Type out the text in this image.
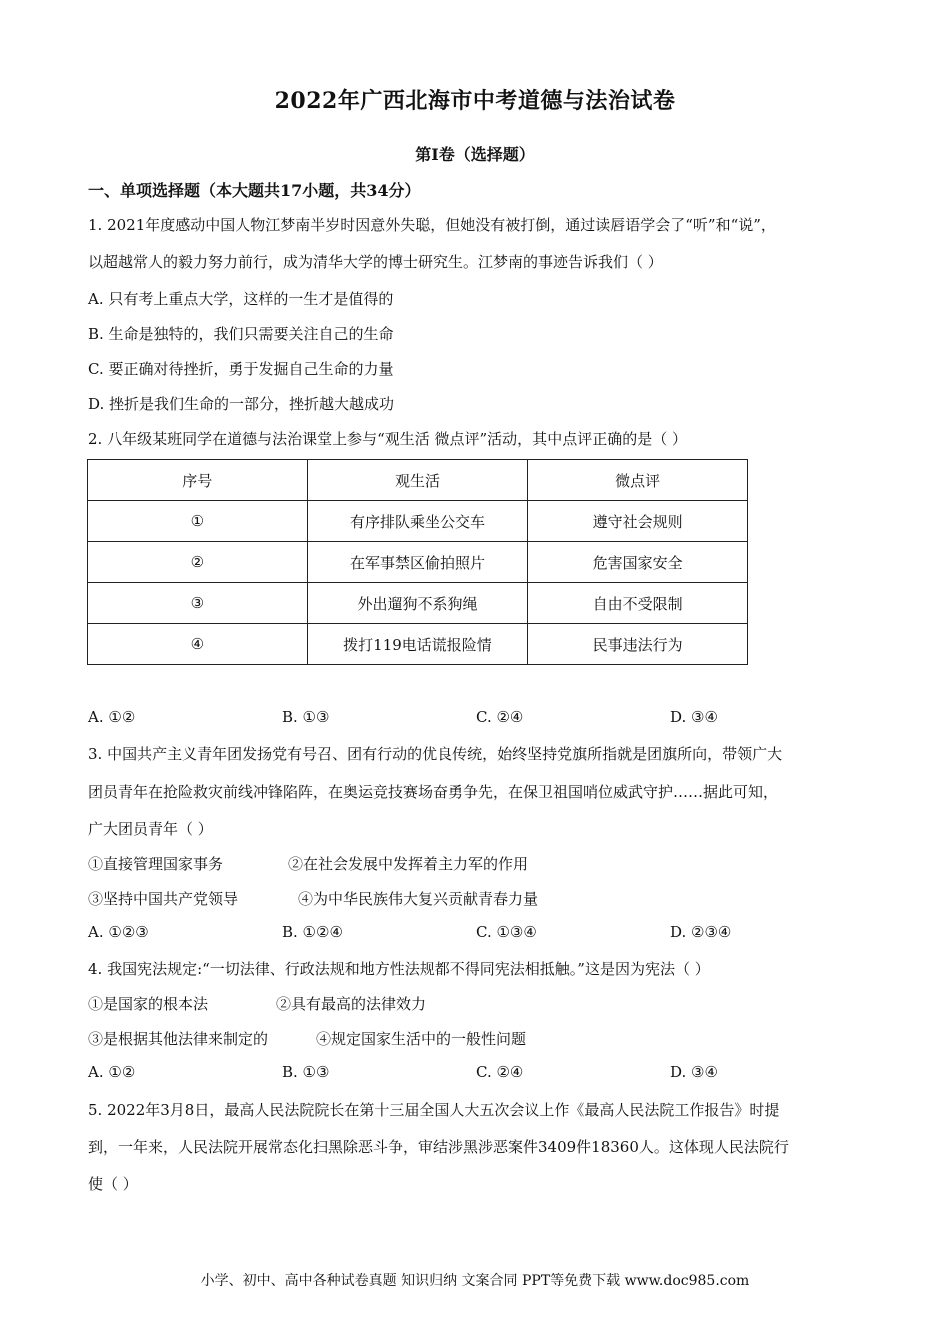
2022年广西北海市中考道德与法治试卷
第I卷（选择题）
一、单项选择题（本大题共17小题，共34分）
1. 2021年度感动中国人物江梦南半岁时因意外失聪，但她没有被打倒，通过读唇语学会了“听”和“说”，
以超越常人的毅力努力前行，成为清华大学的博士研究生。江梦南的事迹告诉我们（ ）
A. 只有考上重点大学，这样的一生才是值得的
B. 生命是独特的，我们只需要关注自己的生命
C. 要正确对待挫折，勇于发掘自己生命的力量
D. 挫折是我们生命的一部分，挫折越大越成功
2. 八年级某班同学在道德与法治课堂上参与“观生活 微点评”活动，其中点评正确的是（ ）
序号	观生活	微点评
①	有序排队乘坐公交车	遵守社会规则
②	在军事禁区偷拍照片	危害国家安全
③	外出遛狗不系狗绳	自由不受限制
④	拨打119电话谎报险情	民事违法行为
A. ①②	B. ①③	C. ②④	D. ③④
3. 中国共产主义青年团发扬党有号召、团有行动的优良传统，始终坚持党旗所指就是团旗所向，带领广大
团员青年在抢险救灾前线冲锋陷阵，在奥运竞技赛场奋勇争先，在保卫祖国哨位威武守护……据此可知，
广大团员青年（ ）
①直接管理国家事务	②在社会发展中发挥着主力军的作用
③坚持中国共产党领导	④为中华民族伟大复兴贡献青春力量
A. ①②③	B. ①②④	C. ①③④	D. ②③④
4. 我国宪法规定:“一切法律、行政法规和地方性法规都不得同宪法相抵触。”这是因为宪法（ ）
①是国家的根本法	②具有最高的法律效力
③是根据其他法律来制定的	④规定国家生活中的一般性问题
A. ①②	B. ①③	C. ②④	D. ③④
5. 2022年3月8日，最高人民法院院长在第十三届全国人大五次会议上作《最高人民法院工作报告》时提
到，一年来，人民法院开展常态化扫黑除恶斗争，审结涉黑涉恶案件3409件18360人。这体现人民法院行
使（ ）
小学、初中、高中各种试卷真题 知识归纳 文案合同 PPT等免费下载 www.doc985.com
